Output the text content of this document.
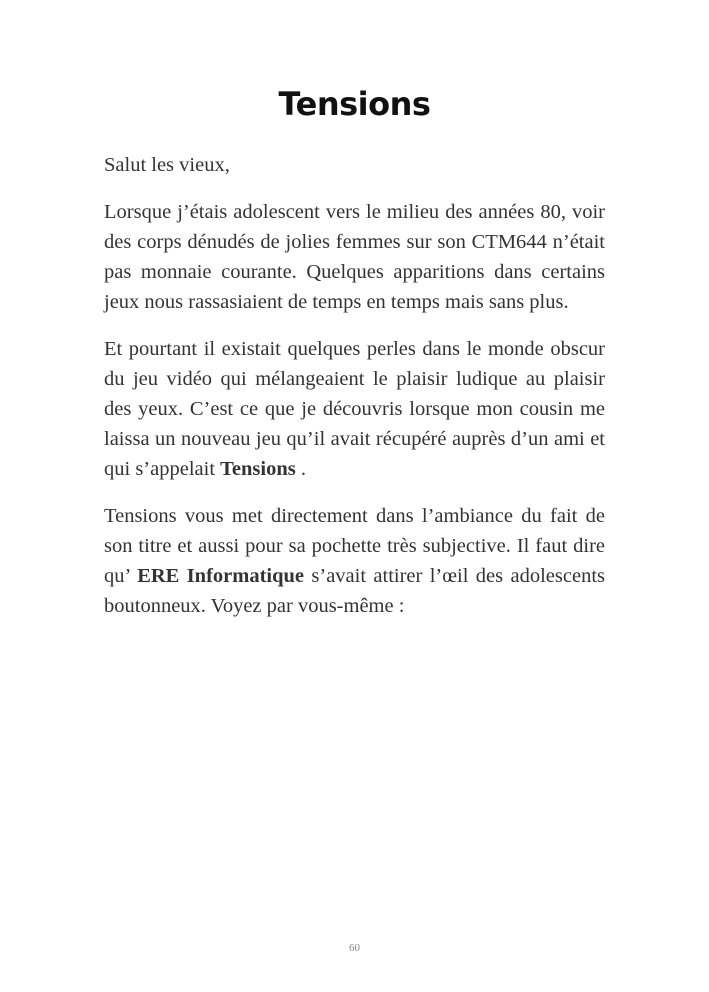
Tensions

Salut les vieux,

Lorsque j’étais adolescent vers le milieu des années 80, voir des corps dénudés de jolies femmes sur son CTM644 n’était pas monnaie courante. Quelques apparitions dans certains jeux nous rassasiaient de temps en temps mais sans plus.

Et pourtant il existait quelques perles dans le monde obscur du jeu vidéo qui mélangeaient le plaisir ludique au plaisir des yeux. C’est ce que je découvris lorsque mon cousin me laissa un nouveau jeu qu’il avait récupéré auprès d’un ami et qui s’appelait Tensions .

Tensions vous met directement dans l’ambiance du fait de son titre et aussi pour sa pochette très subjective. Il faut dire qu’ ERE Informatique s’avait attirer l’œil des adolescents boutonneux. Voyez par vous-même :

60
